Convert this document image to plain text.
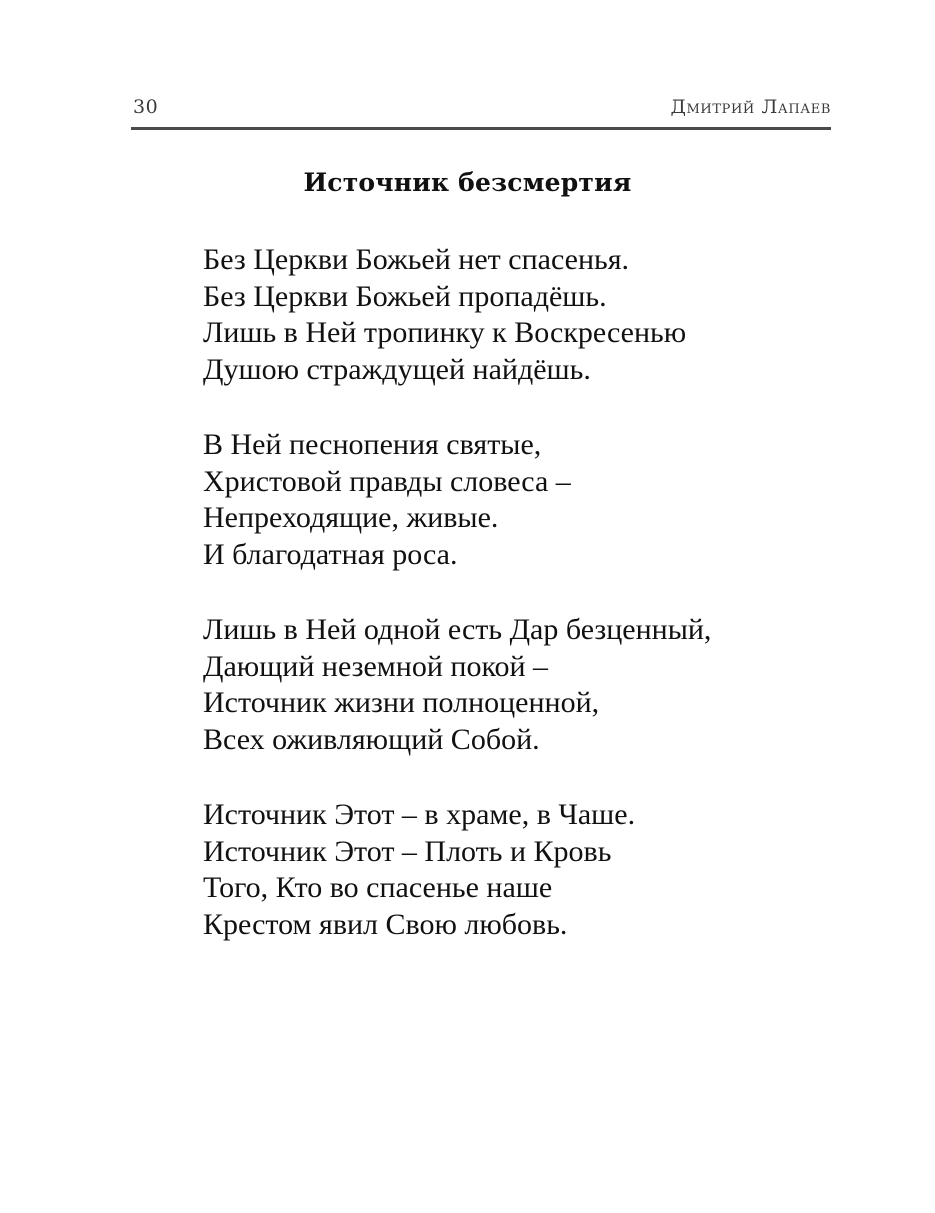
30	Дмитрий Лапаев
Источник безсмертия
Без Церкви Божьей нет спасенья.
Без Церкви Божьей пропадёшь.
Лишь в Ней тропинку к Воскресенью
Душою страждущей найдёшь.
В Ней песнопения святые,
Христовой правды словеса –
Непреходящие, живые.
И благодатная роса.
Лишь в Ней одной есть Дар безценный,
Дающий неземной покой –
Источник жизни полноценной,
Всех оживляющий Собой.
Источник Этот – в храме, в Чаше.
Источник Этот – Плоть и Кровь
Того, Кто во спасенье наше
Крестом явил Свою любовь.
